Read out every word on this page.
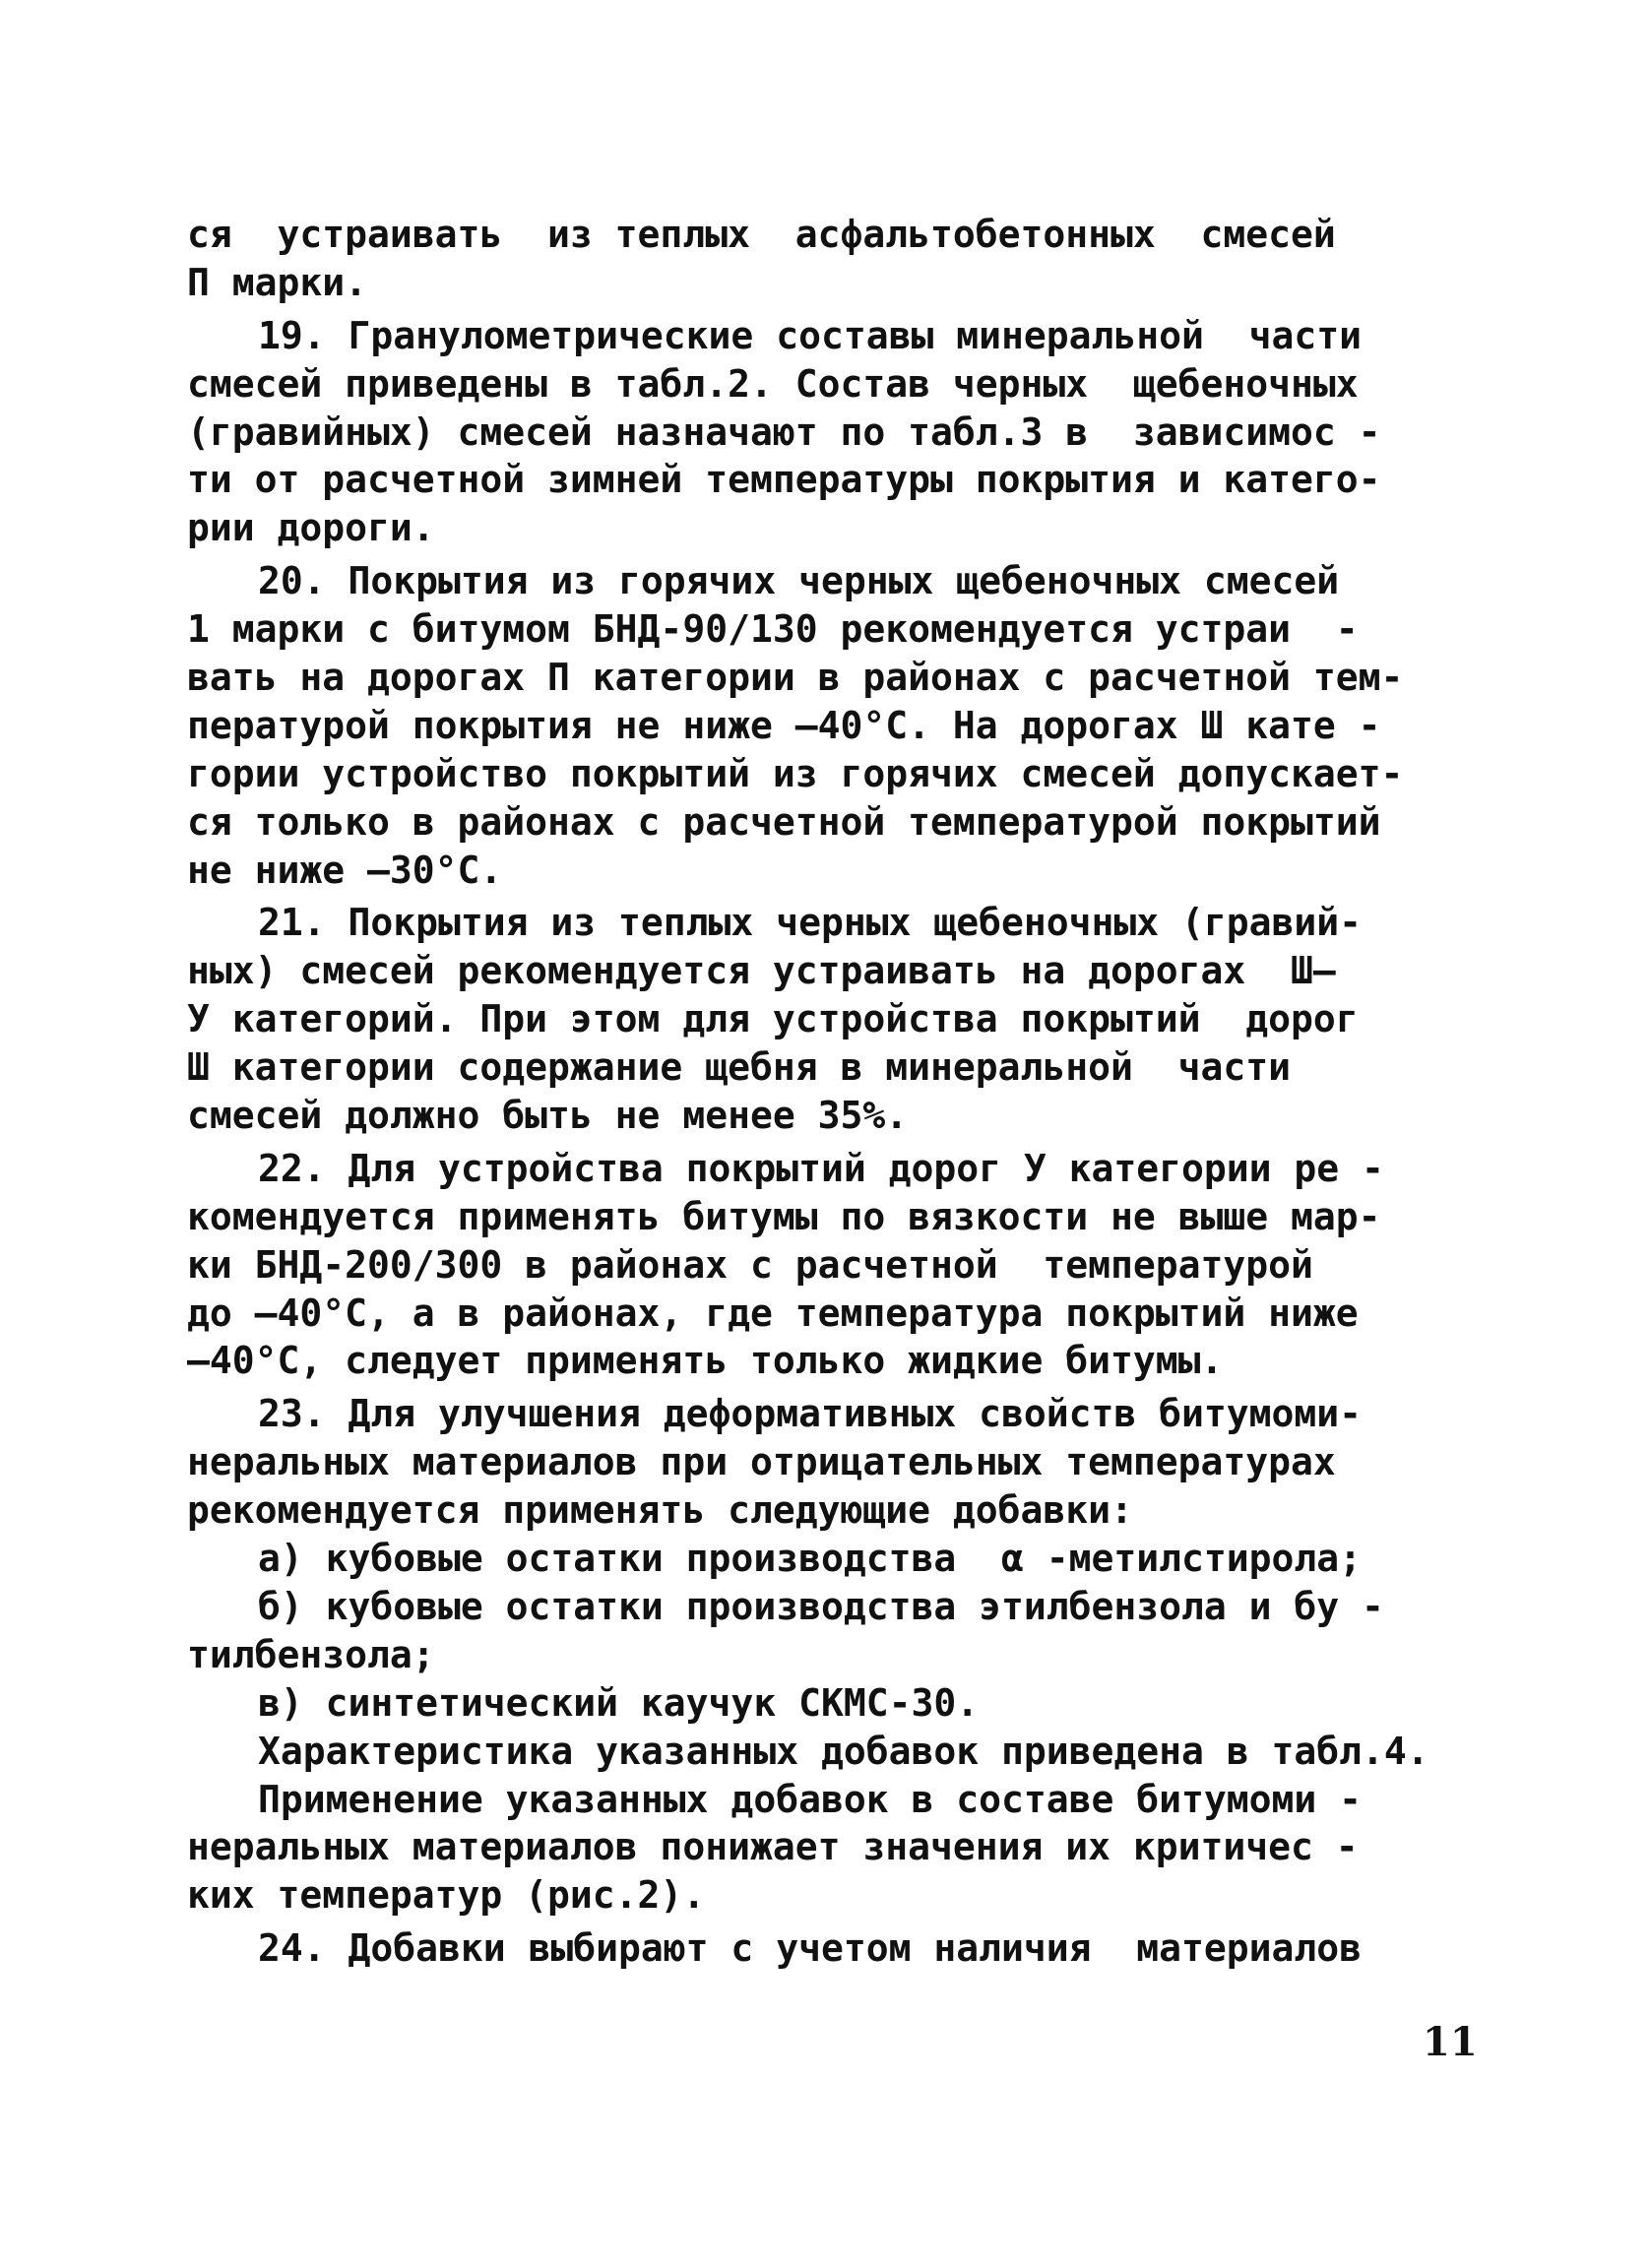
ся  устраивать  из теплых  асфальтобетонных  смесей
П марки.
19. Гранулометрические составы минеральной  части
смесей приведены в табл.2. Состав черных  щебеночных
(гравийных) смесей назначают по табл.3 в  зависимос -
ти от расчетной зимней температуры покрытия и катего-
рии дороги.
20. Покрытия из горячих черных щебеночных смесей
1 марки с битумом БНД-90/130 рекомендуется устраи  -
вать на дорогах П категории в районах с расчетной тем-
пературой покрытия не ниже –40°С. На дорогах Ш кате -
гории устройство покрытий из горячих смесей допускает-
ся только в районах с расчетной температурой покрытий
не ниже –30°С.
21. Покрытия из теплых черных щебеночных (гравий-
ных) смесей рекомендуется устраивать на дорогах  Ш–
У категорий. При этом для устройства покрытий  дорог
Ш категории содержание щебня в минеральной  части
смесей должно быть не менее 35%.
22. Для устройства покрытий дорог У категории ре -
комендуется применять битумы по вязкости не выше мар-
ки БНД-200/300 в районах с расчетной  температурой
до –40°С, а в районах, где температура покрытий ниже
–40°С, следует применять только жидкие битумы.
23. Для улучшения деформативных свойств битумоми-
неральных материалов при отрицательных температурах
рекомендуется применять следующие добавки:
а) кубовые остатки производства  α -метилстирола;
б) кубовые остатки производства этилбензола и бу -
тилбензола;
в) синтетический каучук СКМС-30.
Характеристика указанных добавок приведена в табл.4.
Применение указанных добавок в составе битумоми -
неральных материалов понижает значения их критичес -
ких температур (рис.2).
24. Добавки выбирают с учетом наличия  материалов
11
